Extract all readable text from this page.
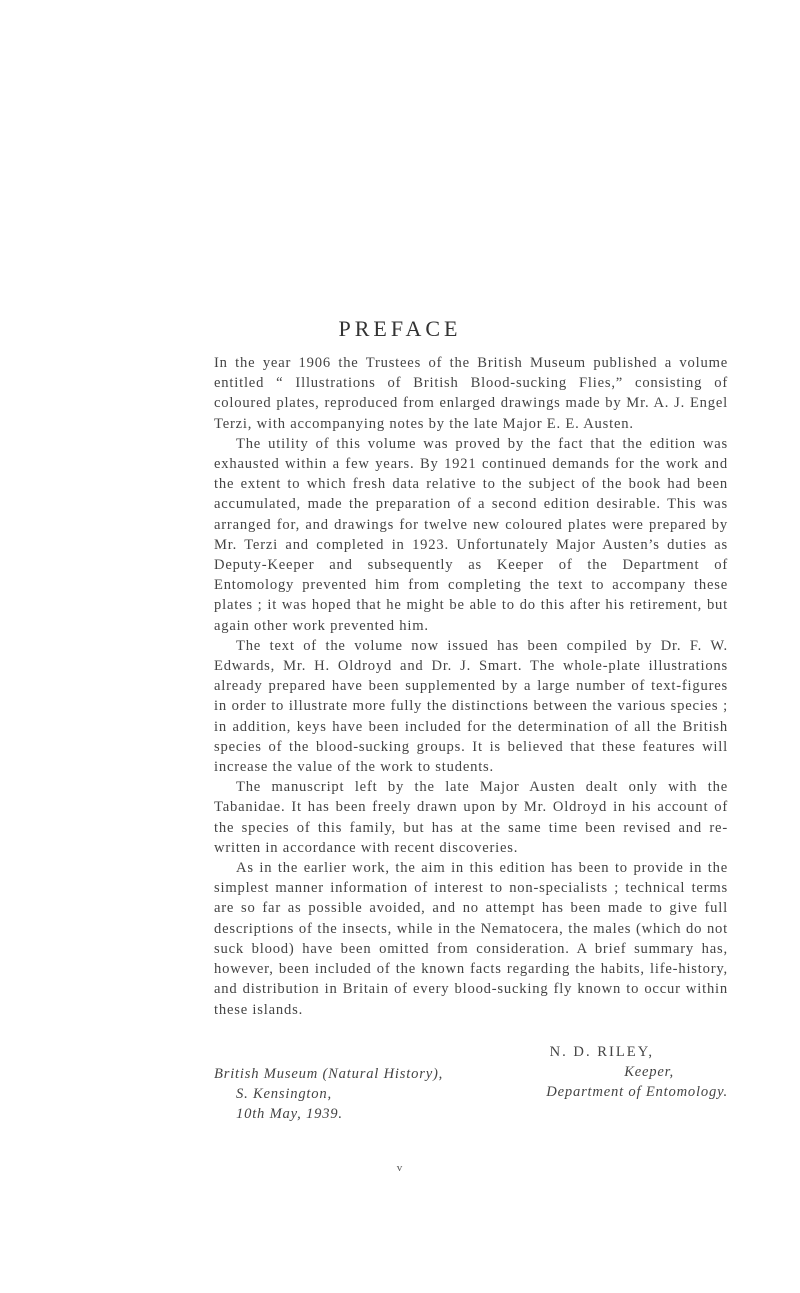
PREFACE

In the year 1906 the Trustees of the British Museum published a volume entitled “ Illustrations of British Blood-sucking Flies,” consisting of coloured plates, reproduced from enlarged drawings made by Mr. A. J. Engel Terzi, with accompanying notes by the late Major E. E. Austen.

The utility of this volume was proved by the fact that the edition was exhausted within a few years. By 1921 continued demands for the work and the extent to which fresh data relative to the subject of the book had been accumulated, made the preparation of a second edition desirable. This was arranged for, and drawings for twelve new coloured plates were prepared by Mr. Terzi and completed in 1923. Unfortunately Major Austen’s duties as Deputy-Keeper and subsequently as Keeper of the Department of Entomology prevented him from completing the text to accompany these plates ; it was hoped that he might be able to do this after his retirement, but again other work prevented him.

The text of the volume now issued has been compiled by Dr. F. W. Edwards, Mr. H. Oldroyd and Dr. J. Smart. The whole-plate illustrations already prepared have been supplemented by a large number of text-figures in order to illustrate more fully the distinctions between the various species ; in addition, keys have been included for the determination of all the British species of the blood-sucking groups. It is believed that these features will increase the value of the work to students.

The manuscript left by the late Major Austen dealt only with the Tabanidae. It has been freely drawn upon by Mr. Oldroyd in his account of the species of this family, but has at the same time been revised and re-written in accordance with recent discoveries.

As in the earlier work, the aim in this edition has been to provide in the simplest manner information of interest to non-specialists ; technical terms are so far as possible avoided, and no attempt has been made to give full descriptions of the insects, while in the Nematocera, the males (which do not suck blood) have been omitted from consideration. A brief summary has, however, been included of the known facts regarding the habits, life-history, and distribution in Britain of every blood-sucking fly known to occur within these islands.

British Museum (Natural History),
S. Kensington,
10th May, 1939.
N. D. RILEY,
Keeper,
Department of Entomology.
v
